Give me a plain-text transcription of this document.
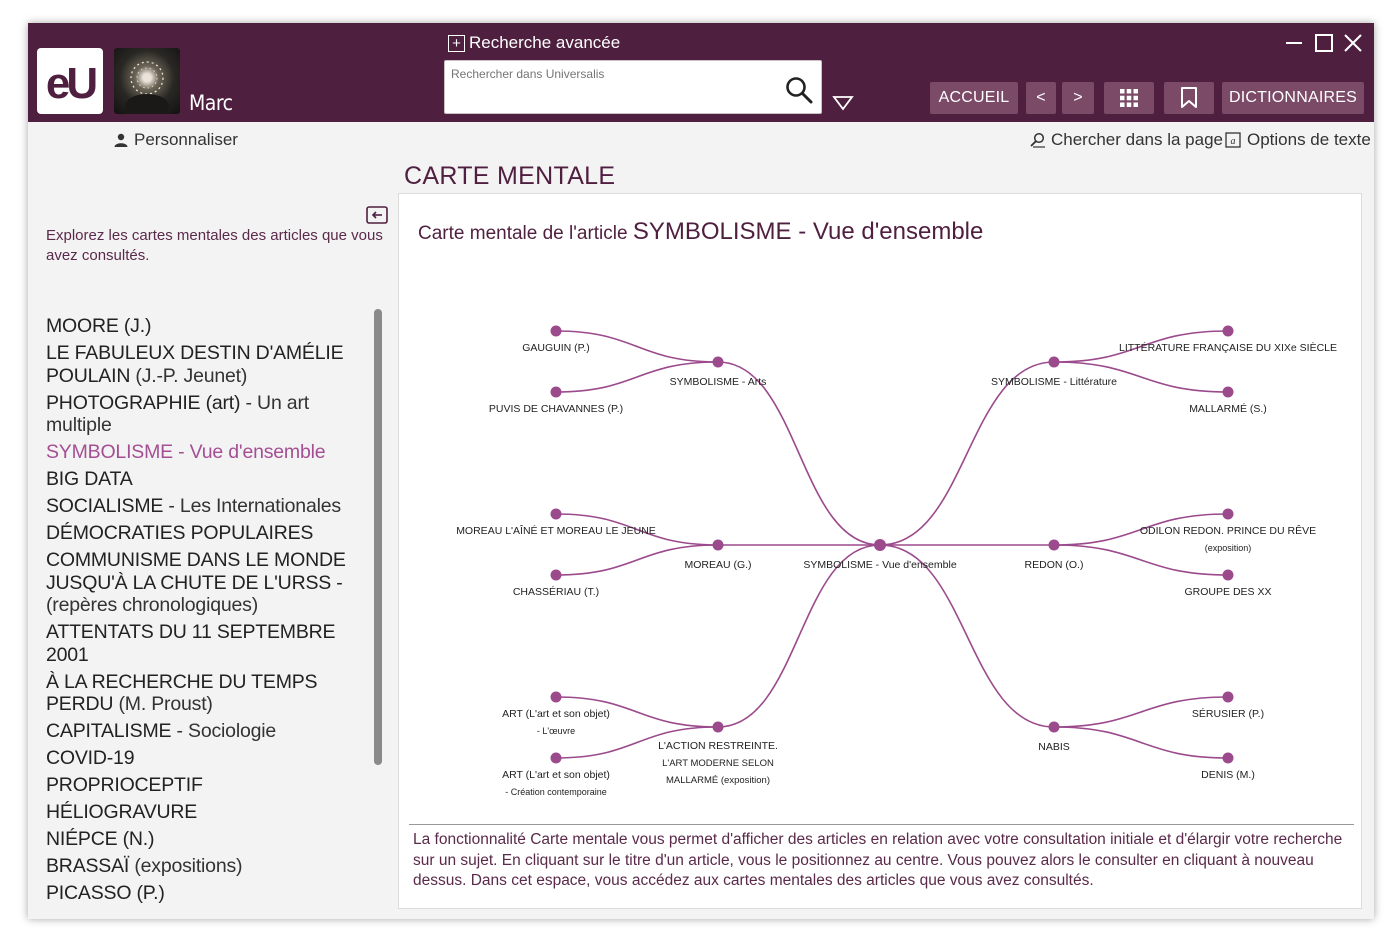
eU	Marc
+ Recherche avancée
Rechercher dans Universalis
ACCUEIL	<	>	DICTIONNAIRES
Personnaliser	Chercher dans la page a Options de texte
CARTE MENTALE
Explorez les cartes mentales des articles que vous avez consultés.
MOORE (J.)
LE FABULEUX DESTIN D'AMÉLIE POULAIN (J.-P. Jeunet)
PHOTOGRAPHIE (art) - Un art multiple
SYMBOLISME - Vue d'ensemble
BIG DATA
SOCIALISME - Les Internationales
DÉMOCRATIES POPULAIRES
COMMUNISME DANS LE MONDE JUSQU'À LA CHUTE DE L'URSS - (repères chronologiques)
ATTENTATS DU 11 SEPTEMBRE 2001
À LA RECHERCHE DU TEMPS PERDU (M. Proust)
CAPITALISME - Sociologie
COVID-19
PROPRIOCEPTIF
HÉLIOGRAVURE
NIÉPCE (N.)
BRASSAÏ (expositions)
PICASSO (P.)
Carte mentale de l'article SYMBOLISME - Vue d'ensemble
GAUGUIN (P.)
PUVIS DE CHAVANNES (P.)
SYMBOLISME - Arts
LITTÉRATURE FRANÇAISE DU XIXe SIÈCLE
MALLARMÉ (S.)
SYMBOLISME - Littérature
MOREAU L'AÎNÉ ET MOREAU LE JEUNE
CHASSÉRIAU (T.)
MOREAU (G.)
ODILON REDON. PRINCE DU RÊVE (exposition)
GROUPE DES XX
REDON (O.)
ART (L'art et son objet) - L'œuvre
ART (L'art et son objet) - Création contemporaine
L'ACTION RESTREINTE. L'ART MODERNE SELON MALLARMÉ (exposition)
SÉRUSIER (P.)
DENIS (M.)
NABIS
SYMBOLISME - Vue d'ensemble
La fonctionnalité Carte mentale vous permet d'afficher des articles en relation avec votre consultation initiale et d'élargir votre recherche sur un sujet. En cliquant sur le titre d'un article, vous le positionnez au centre. Vous pouvez alors le consulter en cliquant à nouveau dessus. Dans cet espace, vous accédez aux cartes mentales des articles que vous avez consultés.
